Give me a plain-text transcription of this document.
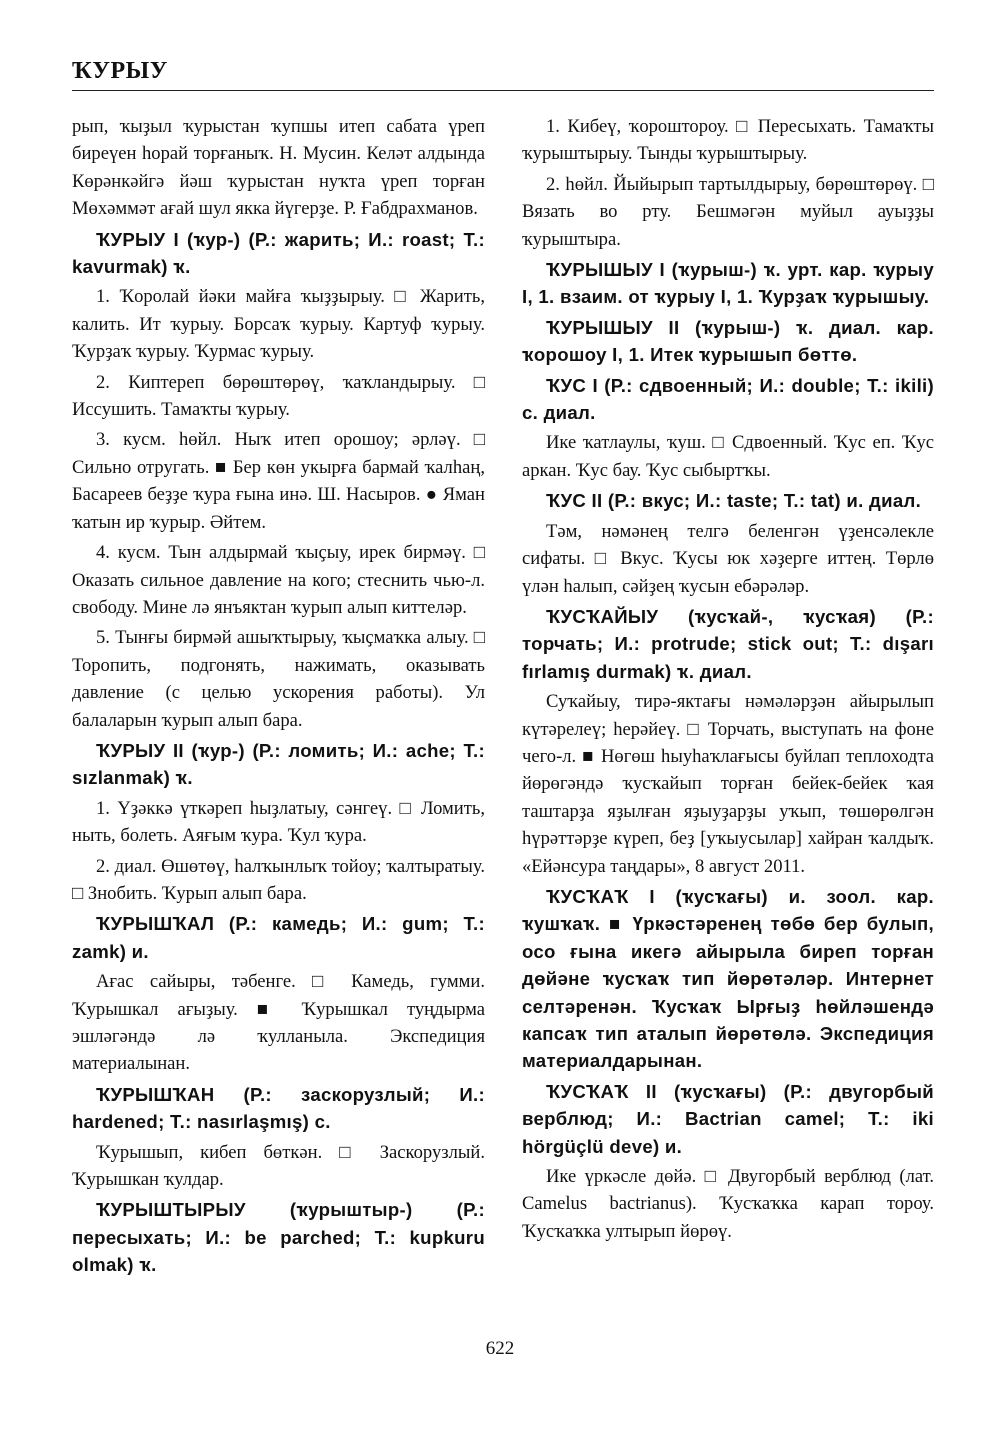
ҠУРЫУ

рып, ҡыҙыл ҡурыстан ҡупшы итеп сабата үреп биреүен һорай торғаныҡ. Н. Мусин. Келәт алдында Көрәнкәйгә йәш ҡурыстан нуҡта үреп торған Мөхәммәт ағай шул якка йүгерҙе. Р. Ғабдрахманов.

ҠУРЫУ I (ҡур-) (Р.: жарить; И.: roast; Т.: kavurmak) ҡ.

1. Ҡоролай йәки майға ҡыҙҙырыу. □ Жарить, калить. Ит ҡурыу. Борсаҡ ҡурыу. Картуф ҡурыу. Ҡурҙаҡ ҡурыу. Ҡурмас ҡурыу.

2. Киптереп бөрөштөрөү, ҡаҡландырыу. □ Иссушить. Тамаҡты ҡурыу.

3. кусм. һөйл. Ныҡ итеп орошоу; әрләү. □ Сильно отругать. ■ Бер көн укырға бармай ҡалһаң, Басареев беҙҙе ҡура ғына инә. Ш. Насыров. ● Яман ҡатын ир ҡурыр. Әйтем.

4. кусм. Тын алдырмай ҡыҫыу, ирек бирмәү. □ Оказать сильное давление на кого; стеснить чью-л. свободу. Мине лә янъяктан ҡурып алып киттеләр.

5. Тынғы бирмәй ашыҡтырыу, ҡыҫмаҡка алыу. □ Торопить, подгонять, нажимать, оказывать давление (с целью ускорения работы). Ул балаларын ҡурып алып бара.

ҠУРЫУ II (ҡур-) (Р.: ломить; И.: ache; Т.: sızlanmak) ҡ.

1. Үҙәккә үткәреп һыҙлатыу, сәнгеү. □ Ломить, ныть, болеть. Аяғым ҡура. Ҡул ҡура.

2. диал. Өшөтөү, һалҡынлыҡ тойоу; ҡалтыратыу. □ Знобить. Ҡурып алып бара.

ҠУРЫШҠАЛ (Р.: камедь; И.: gum; Т.: zamk) и.

Ағас сайыры, тәбенге. □ Камедь, гумми. Ҡурышкал ағыҙыу. ■ Ҡурышкал туңдырма эшләгәндә лә ҡулланыла. Экспедиция материалынан.

ҠУРЫШҠАН (Р.: заскорузлый; И.: hardened; Т.: nasırlaşmış) с.

Ҡурышып, кибеп бөткән. □ Заскорузлый. Ҡурышкан ҡулдар.

ҠУРЫШТЫРЫУ (ҡурыштыр-) (Р.: пересыхать; И.: be parched; Т.: kupkuru olmak) ҡ.

1. Кибеү, ҡороштороу. □ Пересыхать. Тамаҡты ҡурыштырыу. Тынды ҡурыштырыу.

2. һөйл. Йыйырып тартылдырыу, бөрөштөрөү. □ Вязать во рту. Бешмәгән муйыл ауыҙҙы ҡурыштыра.

ҠУРЫШЫУ I (ҡурыш-) ҡ. урт. кар. ҡурыу I, 1. взаим. от ҡурыу I, 1. Ҡурҙаҡ ҡурышыу.

ҠУРЫШЫУ II (ҡурыш-) ҡ. диал. кар. ҡорошоу I, 1. Итек ҡурышып бөттө.

ҠУС I (Р.: сдвоенный; И.: double; Т.: ikili) с. диал.

Ике ҡатлаулы, ҡуш. □ Сдвоенный. Ҡус еп. Ҡус аркан. Ҡус бау. Ҡус сыбыртҡы.

ҠУС II (Р.: вкус; И.: taste; Т.: tat) и. диал.

Тәм, нәмәнең телгә беленгән үҙенсәлекле сифаты. □ Вкус. Ҡусы юк хәҙерге иттең. Төрлө үлән һалып, сәйҙең ҡусын ебәрәләр.

ҠУСҠАЙЫУ (ҡусҡай-, ҡусҡая) (Р.: торчать; И.: protrude; stick out; Т.: dışarı fırlamış durmak) ҡ. диал.

Суҡайыу, тирә-яктағы нәмәләрҙән айырылып күтәрелеү; һерәйеү. □ Торчать, выступать на фоне чего-л. ■ Нөгөш һыуһаҡлағысы буйлап теплоходта йөрөгәндә ҡусҡайып торған бейек-бейек ҡая таштарҙа яҙылған яҙыуҙарҙы уҡып, төшөрөлгән һүрәттәрҙе күреп, беҙ [уҡыусылар] хайран ҡалдыҡ. «Ейәнсура таңдары», 8 август 2011.

ҠУСҠАҠ I (ҡусҡағы) и. зоол. кар. ҡушҡаҡ. ■ Үркәстәренең төбө бер булып, осо ғына икегә айырыла биреп торған дөйәне ҡусҡаҡ тип йөрөтәләр. Интернет селтәренән. Ҡусҡаҡ Ырғыҙ һөйләшендә капсаҡ тип аталып йөрөтөлә. Экспедиция материалдарынан.

ҠУСҠАҠ II (ҡусҡағы) (Р.: двугорбый верблюд; И.: Bactrian camel; Т.: iki hörgüçlü deve) и.

Ике үркәсле дөйә. □ Двугорбый верблюд (лат. Camelus bactrianus). Ҡусҡаҡка карап тороу. Ҡусҡаҡка ултырып йөрөү.

622
